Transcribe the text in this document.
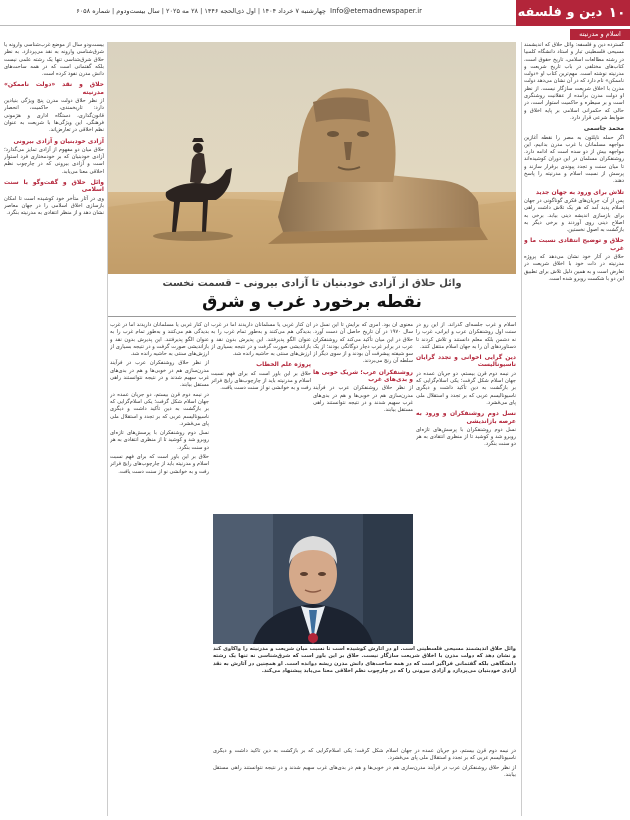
۱۰
دین و فلسفه
Info@etemadnewspaper.ir
چهارشنبه ۷ خرداد ۱۴۰۴ | اول ذی‌الحجه ۱۴۴۶ | ۲۸ مه ۲۰۲۵ | سال بیست‌ودوم | شماره ۶۰۵۸
اسلام و مدرنیته

گسترده دین و فلسفه: وائل حلاق که اندیشمند مسیحی فلسطینی تبار و استاد دانشگاه کلمبیا در رشته مطالعات اسلامی، تاریخ حقوق است، کتاب‌های مختلفی در باب تاریخ شریعت و مدرنیته نوشته است. مهم‌ترین کتاب او «دولت ناممکن» نام دارد که در آن نشان می‌دهد دولت مدرن با اخلاق شریعت سازگار نیست. از نظر او دولت مدرن برآمده از عقلانیت روشنگری است و بر سیطره و حاکمیت استوار است، در حالی که حکمرانی اسلامی بر پایه اخلاق و ضوابط شرعی قرار دارد.

محمد جاسمی

اگر حمله ناپلئون به مصر را نقطه آغازین مواجهه مسلمانان با غرب مدرن بدانیم، این مواجهه بیش از دو سده است که ادامه دارد. روشنفکران مسلمان در این دوران کوشیده‌اند تا میان سنت و تجدد پیوندی برقرار سازند و پرسش از نسبت اسلام و مدرنیته را پاسخ دهند.

تلاش برای ورود به جهان جدید

پس از آن، جریان‌های فکری گوناگونی در جهان اسلام پدید آمد که هر یک تلاش داشت راهی برای بازسازی اندیشه دینی بیابد. برخی به اصلاح دینی روی آوردند و برخی دیگر به بازگشت به اصول نخستین.

حلاق و توضیح انتقادی نسبت ما و غرب

حلاق در آثار خود نشان می‌دهد که پروژه مدرنیته در ذات خود با اخلاق شریعت در تعارض است و به همین دلیل تلاش برای تطبیق این دو با شکست روبرو شده است.

بیست‌ودو سال از موضع غرب‌شناسی وارونه یا شرق‌شناسی وارونه به نقد می‌پردازد. به نظر حلاق شرق‌شناسی تنها یک رشته علمی نیست بلکه گفتمانی است که در همه ساحت‌های دانش مدرن نفوذ کرده است.

حلاق و نقد «دولت ناممکن» مدرنیته

از نظر حلاق دولت مدرن پنج ویژگی بنیادین دارد: تاریخمندی، حاکمیت، انحصار قانون‌گذاری، دستگاه اداری و هژمونی فرهنگی. این ویژگی‌ها با شریعت به عنوان نظم اخلاقی در تعارض‌اند.

آزادی خودبنیان و آزادی بیرونی

حلاق میان دو مفهوم از آزادی تمایز می‌گذارد؛ آزادی خودبنیان که بر خودمختاری فرد استوار است و آزادی بیرونی که در چارچوب نظم اخلاقی معنا می‌یابد.

وائل حلاق و گفت‌وگو با سنت اسلامی

وی در آثار متأخر خود کوشیده است تا امکان بازسازی اخلاق اسلامی را در جهان معاصر نشان دهد و از منظر انتقادی به مدرنیته بنگرد.

وائل حلاق از آزادی خودبنیان تا آزادی بیرونی – قسمت نخست
نقطه برخورد غرب و شرق

اسلام و غرب جلسه‌ای گذراند. از این رو در سنت اول روشنفکران عرب و ایرانی، غرب را نه دشمن بلکه معلم دانستند و تلاش کردند تا دستاوردهای آن را به جهان اسلام منتقل کنند.

دین گرایی اخوانی و تجدد گرایان ناسیونالیست

در نیمه دوم قرن بیستم، دو جریان عمده در جهان اسلام شکل گرفت؛ یکی اسلام‌گرایی که بر بازگشت به دین تأکید داشت و دیگری ناسیونالیسم عربی که بر تجدد و استقلال ملی پای می‌فشرد.

نسل دوم روشنفکران و ورود به عرصه بازاندیشی

نسل دوم روشنفکران با پرسش‌های تازه‌ای روبرو شد و کوشید تا از منظری انتقادی به هر دو سنت بنگرد.

معنوی آن بود. امری که برایش تا این نسل در سال ۱۹۷۰ در آن تاریخ حاصل آن دست آورد. حلاق در این میان تأکید می‌کند که روشنفکران عرب در برابر غرب دچار دوگانگی بودند؛ از یک سو شیفته پیشرفت آن بودند و از سوی دیگر از سلطه آن رنج می‌بردند.

روشنفکران عرب؛ شریک خوبی ها و بدی‌های غرب

از نظر حلاق روشنفکران عرب در فرآیند مدرن‌سازی هم در خوبی‌ها و هم در بدی‌های غرب سهیم شدند و در نتیجه نتوانستند راهی مستقل بیابند.

آن کنار غربی یا مسلمانان داریدند اما در غرب بدیدگی هم می‌کنند و به‌طور تمام غرب را به عنوان الگو پذیرفتند. این پذیرش بدون نقد و بازاندیشی صورت گرفت و در نتیجه بسیاری از ارزش‌های سنتی به حاشیه رانده شد.

پروژه علم الخطاب

حلاق بر این باور است که برای فهم نسبت اسلام و مدرنیته باید از چارچوب‌های رایج فراتر رفت و به خوانشی نو از سنت دست یافت.

آن کنار غربی یا مسلمانان داریدند اما در غرب بدیدگی هم می‌کنند و به‌طور تمام غرب را به عنوان الگو پذیرفتند. این پذیرش بدون نقد و بازاندیشی صورت گرفت و در نتیجه بسیاری از ارزش‌های سنتی به حاشیه رانده شد.

از نظر حلاق روشنفکران عرب در فرآیند مدرن‌سازی هم در خوبی‌ها و هم در بدی‌های غرب سهیم شدند و در نتیجه نتوانستند راهی مستقل بیابند.

در نیمه دوم قرن بیستم، دو جریان عمده در جهان اسلام شکل گرفت؛ یکی اسلام‌گرایی که بر بازگشت به دین تأکید داشت و دیگری ناسیونالیسم عربی که بر تجدد و استقلال ملی پای می‌فشرد.

نسل دوم روشنفکران با پرسش‌های تازه‌ای روبرو شد و کوشید تا از منظری انتقادی به هر دو سنت بنگرد.

حلاق بر این باور است که برای فهم نسبت اسلام و مدرنیته باید از چارچوب‌های رایج فراتر رفت و به خوانشی نو از سنت دست یافت.

وائل حلاق اندیشمند مسیحی فلسطینی است. او در آثارش کوشیده است تا نسبت میان شریعت و مدرنیته را واکاوی کند و نشان دهد که دولت مدرن با اخلاق شریعت سازگار نیست. حلاق بر این باور است که شرق‌شناسی نه تنها یک رشته دانشگاهی بلکه گفتمانی فراگیر است که در همه ساحت‌های دانش مدرن ریشه دوانده است. او همچنین در آثارش به نقد آزادی خودبنیان می‌پردازد و آزادی بیرونی را که در چارچوب نظم اخلاقی معنا می‌یابد پیشنهاد می‌کند.

در نیمه دوم قرن بیستم، دو جریان عمده در جهان اسلام شکل گرفت؛ یکی اسلام‌گرایی که بر بازگشت به دین تأکید داشت و دیگری ناسیونالیسم عربی که بر تجدد و استقلال ملی پای می‌فشرد.

از نظر حلاق روشنفکران عرب در فرآیند مدرن‌سازی هم در خوبی‌ها و هم در بدی‌های غرب سهیم شدند و در نتیجه نتوانستند راهی مستقل بیابند.
